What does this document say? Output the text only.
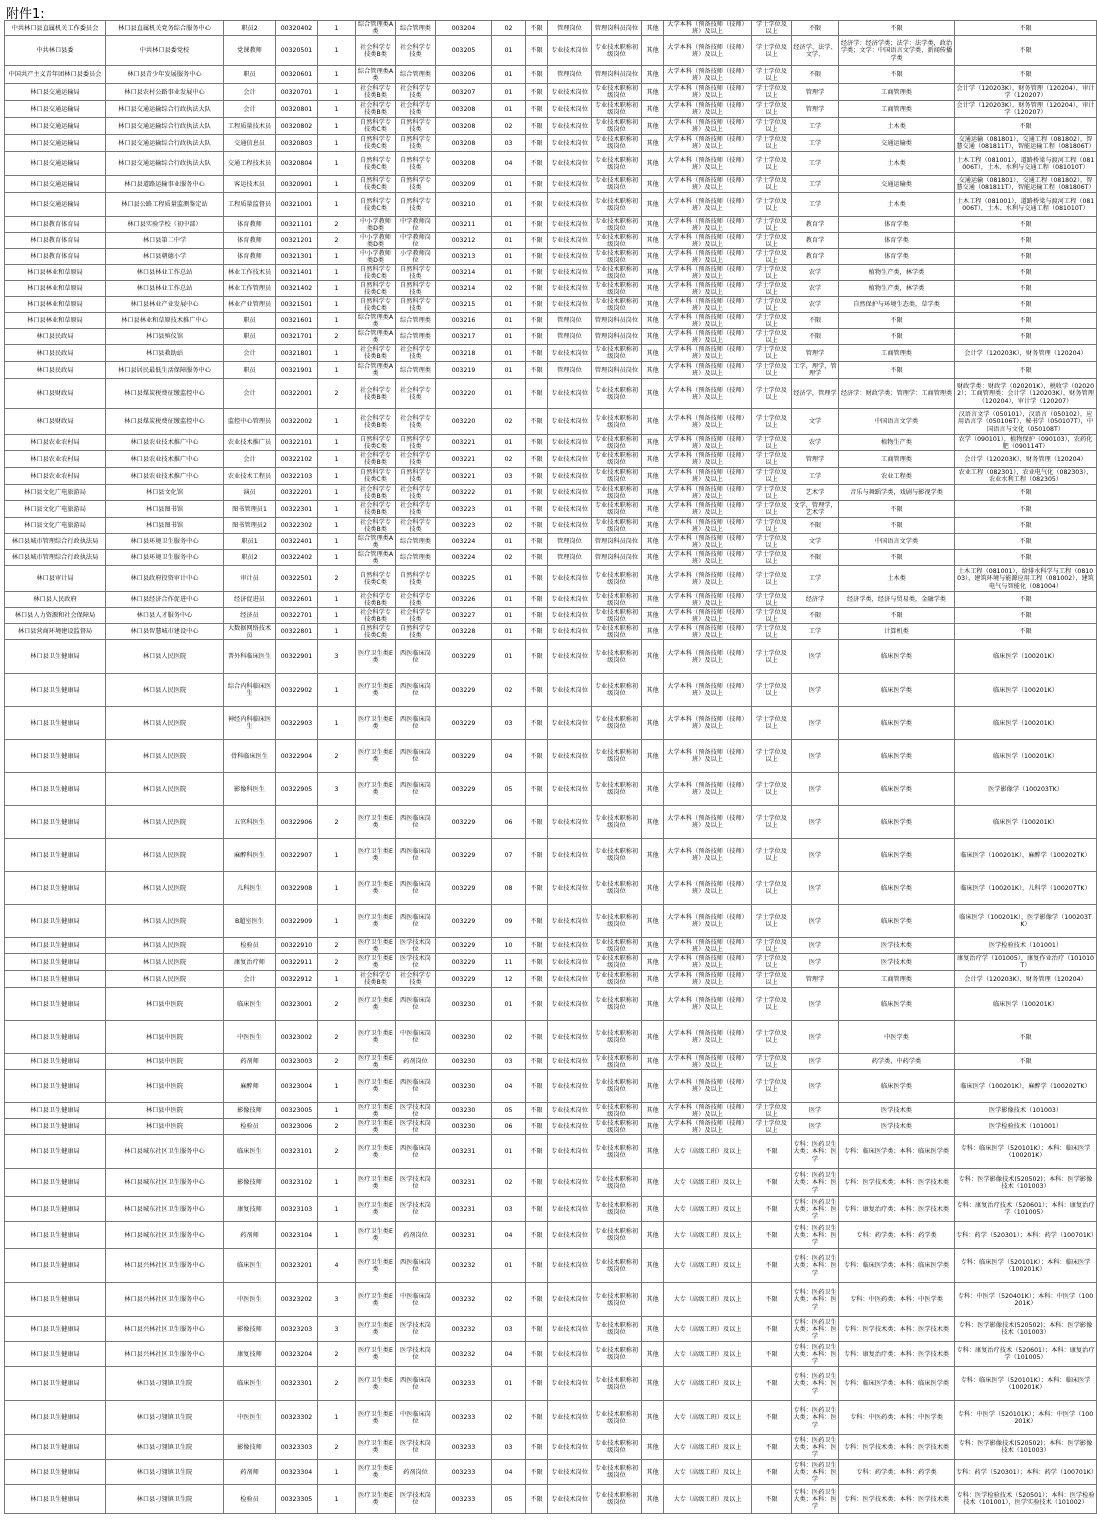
附件1:
中共林口县直属机关工作委员会	林口县直属机关党务综合服务中心	职员2	00320402	1	综合管理类A类	综合管理类	003204	02	不限	管理岗位	管理岗科员岗位	其他	大学本科（预备技师（技师）班）及以上	学士学位及以上	不限	不限	不限
中共林口县委	中共林口县委党校	党课教师	00320501	1	社会科学专技类B类	社会科学专技类	003205	01	不限	专业技术岗位	专业技术职称初级岗位	其他	大学本科（预备技师（技师）班）及以上	学士学位及以上	经济学、法学、文学、	经济学：经济学类；法学：法学类，政治学类；文学：中国语言文学类，新闻传播学类	不限
中国共产主义青年团林口县委员会	林口县青少年发展服务中心	职员	00320601	1	综合管理类A类	综合管理类	003206	01	不限	管理岗位	管理岗科员岗位	其他	大学本科（预备技师（技师）班）及以上	学士学位及以上	不限	不限	不限
林口县交通运输局	林口县农村公路事业发展中心	会计	00320701	1	社会科学专技类B类	社会科学专技类	003207	01	不限	专业技术岗位	专业技术职称初级岗位	其他	大学本科（预备技师（技师）班）及以上	学士学位及以上	管理学	工商管理类	会计学（120203K），财务管理（120204），审计学（120207）
林口县交通运输局	林口县交通运输综合行政执法大队	会计	00320801	1	社会科学专技类B类	社会科学专技类	003208	01	不限	专业技术岗位	专业技术职称初级岗位	其他	大学本科（预备技师（技师）班）及以上	学士学位及以上	管理学	工商管理类	会计学（120203K），财务管理（120204），审计学（120207）
林口县交通运输局	林口县交通运输综合行政执法大队	工程质量技术员	00320802	1	自然科学专技类C类	自然科学专技类	003208	02	不限	专业技术岗位	专业技术职称初级岗位	其他	大学本科（预备技师（技师）班）及以上	学士学位及以上	工学	土木类	不限
林口县交通运输局	林口县交通运输综合行政执法大队	交通信息员	00320803	1	自然科学专技类C类	自然科学专技类	003208	03	不限	专业技术岗位	专业技术职称初级岗位	其他	大学本科（预备技师（技师）班）及以上	学士学位及以上	工学	交通运输类	交通运输（081801），交通工程（081802），智慧交通（081811T），智能运输工程（081806T）
林口县交通运输局	林口县交通运输综合行政执法大队	交通工程技术员	00320804	1	自然科学专技类C类	自然科学专技类	003208	04	不限	专业技术岗位	专业技术职称初级岗位	其他	大学本科（预备技师（技师）班）及以上	学士学位及以上	工学	土木类	土木工程（081001），道路桥梁与渡河工程（081006T），土木、水利与交通工程（081010T）
林口县交通运输局	林口县道路运输事业服务中心	客运技术员	00320901	1	自然科学专技类C类	自然科学专技类	003209	01	不限	专业技术岗位	专业技术职称初级岗位	其他	大学本科（预备技师（技师）班）及以上	学士学位及以上	工学	交通运输类	交通运输（081801），交通工程（081802），智慧交通（081811T），智能运输工程（081806T）
林口县交通运输局	林口县公路工程质量监测鉴定站	工程质量监督员	00321001	1	自然科学专技类C类	自然科学专技类	003210	01	不限	专业技术岗位	专业技术职称初级岗位	其他	大学本科（预备技师（技师）班）及以上	学士学位及以上	工学	土木类	土木工程（081001），道路桥梁与渡河工程（081006T），土木、水利与交通工程（081010T）
林口县教育体育局	林口县实验学校（初中部）	体育教师	00321101	2	中小学教师类D类	中学教师岗位	003211	01	不限	专业技术岗位	专业技术职称初级岗位	其他	大学本科（预备技师（技师）班）及以上	学士学位及以上	教育学	体育学类	不限
林口县教育体育局	林口县第二中学	体育教师	00321201	2	中小学教师类D类	中学教师岗位	003212	01	不限	专业技术岗位	专业技术职称初级岗位	其他	大学本科（预备技师（技师）班）及以上	学士学位及以上	教育学	体育学类	不限
林口县教育体育局	林口县朝德小学	体育教师	00321301	1	中小学教师类D类	小学教师岗位	003213	01	不限	专业技术岗位	专业技术职称初级岗位	其他	大学本科（预备技师（技师）班）及以上	学士学位及以上	教育学	体育学类	不限
林口县林业和草原局	林口县林业工作总站	林业工作技术员	00321401	1	自然科学专技类C类	自然科学专技类	003214	01	不限	专业技术岗位	专业技术职称初级岗位	其他	大学本科（预备技师（技师）班）及以上	学士学位及以上	农学	植物生产类，林学类	不限
林口县林业和草原局	林口县林业工作总站	林业工作管理员	00321402	1	自然科学专技类C类	自然科学专技类	003214	02	不限	专业技术岗位	专业技术职称初级岗位	其他	大学本科（预备技师（技师）班）及以上	学士学位及以上	农学	植物生产类，林学类	不限
林口县林业和草原局	林口县林业产业发展中心	林业产业管理员	00321501	1	自然科学专技类C类	自然科学专技类	003215	01	不限	专业技术岗位	专业技术职称初级岗位	其他	大学本科（预备技师（技师）班）及以上	学士学位及以上	农学	自然保护与环境生态类，草学类	不限
林口县林业和草原局	林口县林业和草原技术推广中心	职员	00321601	1	综合管理类A类	综合管理类	003216	01	不限	管理岗位	管理岗科员岗位	其他	大学本科（预备技师（技师）班）及以上	学士学位及以上	不限	不限	不限
林口县民政局	林口县殡仪馆	职员	00321701	2	综合管理类A类	综合管理类	003217	01	不限	管理岗位	管理岗科员岗位	其他	大学本科（预备技师（技师）班）及以上	学士学位及以上	不限	不限	不限
林口县民政局	林口县救助站	会计	00321801	1	社会科学专技类B类	社会科学专技类	003218	01	不限	专业技术岗位	专业技术职称初级岗位	其他	大学本科（预备技师（技师）班）及以上	学士学位及以上	管理学	工商管理类	会计学（120203K），财务管理（120204）
林口县民政局	林口县居民最低生活保障服务中心	职员	00321901	1	综合管理类A类	综合管理类	003219	01	不限	管理岗位	管理岗科员岗位	其他	大学本科（预备技师（技师）班）及以上	学士学位及以上	工学，理学，管理学	不限	不限
林口县财政局	林口县煤炭税费征缴监控中心	会计	00322001	2	社会科学专技类B类	社会科学专技类	003220	01	不限	专业技术岗位	专业技术职称初级岗位	其他	大学本科（预备技师（技师）班）及以上	学士学位及以上	经济学，管理学	经济学：财政学类；管理学：工商管理类	财政学类：财政学（020201K），税收学（020202）；工商管理类：会计学（120203K），财务管理（120204），审计学（120207）
林口县财政局	林口县煤炭税费征缴监控中心	监控中心管理员	00322002	1	社会科学专技类B类	社会科学专技类	003220	02	不限	专业技术岗位	专业技术职称初级岗位	其他	大学本科（预备技师（技师）班）及以上	学士学位及以上	文学	中国语言文学类	汉语言文学（050101），汉语言（050102），应用语言学（050106T），秘书学（050107T），中国语言与文化（050108T）
林口县农业农村局	林口县农业技术推广中心	农业技术推广员	00322101	1	自然科学专技类C类	自然科学专技类	003221	01	不限	专业技术岗位	专业技术职称初级岗位	其他	大学本科（预备技师（技师）班）及以上	学士学位及以上	农学	植物生产类	农学（090101），植物保护（090103），农药化肥（090114T）
林口县农业农村局	林口县农业技术推广中心	会计	00322102	1	社会科学专技类B类	社会科学专技类	003221	02	不限	专业技术岗位	专业技术职称初级岗位	其他	大学本科（预备技师（技师）班）及以上	学士学位及以上	管理学	工商管理类	会计学（120203K），财务管理（120204）
林口县农业农村局	林口县农业技术推广中心	农业技术工程员	00322103	1	自然科学专技类C类	自然科学专技类	003221	03	不限	专业技术岗位	专业技术职称初级岗位	其他	大学本科（预备技师（技师）班）及以上	学士学位及以上	工学	农业工程类	农业工程（082301），农业电气化（082303），农业水利工程（082305）
林口县文化广电旅游局	林口县文化馆	演员	00322201	1	社会科学专技类B类	社会科学专技类	003222	01	不限	专业技术岗位	专业技术职称初级岗位	其他	大学本科（预备技师（技师）班）及以上	学士学位及以上	艺术学	音乐与舞蹈学类，戏剧与影视学类	不限
林口县文化广电旅游局	林口县图书馆	图书管理员1	00322301	1	社会科学专技类B类	社会科学专技类	003223	01	不限	专业技术岗位	专业技术职称初级岗位	其他	大学本科（预备技师（技师）班）及以上	学士学位及以上	文学，管理学，艺术学	不限	不限
林口县文化广电旅游局	林口县图书馆	图书管理员2	00322302	1	社会科学专技类B类	社会科学专技类	003223	02	不限	专业技术岗位	专业技术职称初级岗位	其他	大学本科（预备技师（技师）班）及以上	学士学位及以上	不限	不限	不限
林口县城市管理综合行政执法局	林口县环境卫生服务中心	职员1	00322401	1	综合管理类A类	综合管理类	003224	01	不限	管理岗位	管理岗科员岗位	其他	大学本科（预备技师（技师）班）及以上	学士学位及以上	文学	中国语言文学类	不限
林口县城市管理综合行政执法局	林口县环境卫生服务中心	职员2	00322402	1	综合管理类A类	综合管理类	003224	02	不限	管理岗位	管理岗科员岗位	其他	大学本科（预备技师（技师）班）及以上	学士学位及以上	不限	不限	不限
林口县审计局	林口县政府投资审计中心	审计员	00322501	2	自然科学专技类C类	自然科学专技类	003225	01	不限	专业技术岗位	专业技术职称初级岗位	其他	大学本科（预备技师（技师）班）及以上	学士学位及以上	工学	土木类	土木工程（081001），给排水科学与工程（081003），建筑环境与能源应用工程（081002），建筑电气与智能化（081004）
林口县人民政府	林口县经济合作促进中心	经济促进员	00322601	1	社会科学专技类B类	社会科学专技类	003226	01	不限	专业技术岗位	专业技术职称初级岗位	其他	大学本科（预备技师（技师）班）及以上	学士学位及以上	经济学	经济学类，经济与贸易类，金融学类	不限
林口县人力资源和社会保障局	林口县人才服务中心	经济员	00322701	1	社会科学专技类B类	社会科学专技类	003227	01	不限	专业技术岗位	专业技术职称初级岗位	其他	大学本科（预备技师（技师）班）及以上	学士学位及以上	不限	不限	不限
林口县营商环境建设监督局	林口县智慧城市建设中心	大数据网络技术员	00322801	1	自然科学专技类C类	自然科学专技类	003228	01	不限	专业技术岗位	专业技术职称初级岗位	其他	大学本科（预备技师（技师）班）及以上	学士学位及以上	工学	计算机类	不限
林口县卫生健康局	林口县人民医院	普外科临床医生	00322901	3	医疗卫生类E类	西医临床岗位	003229	01	不限	专业技术岗位	专业技术职称初级岗位	其他	大学本科（预备技师（技师）班）及以上	学士学位及以上	医学	临床医学类	临床医学（100201K）
林口县卫生健康局	林口县人民医院	综合内科临床医生	00322902	1	医疗卫生类E类	西医临床岗位	003229	02	不限	专业技术岗位	专业技术职称初级岗位	其他	大学本科（预备技师（技师）班）及以上	学士学位及以上	医学	临床医学类	临床医学（100201K）
林口县卫生健康局	林口县人民医院	神经内科临床医生	00322903	1	医疗卫生类E类	西医临床岗位	003229	03	不限	专业技术岗位	专业技术职称初级岗位	其他	大学本科（预备技师（技师）班）及以上	学士学位及以上	医学	临床医学类	临床医学（100201K）
林口县卫生健康局	林口县人民医院	骨科临床医生	00322904	2	医疗卫生类E类	西医临床岗位	003229	04	不限	专业技术岗位	专业技术职称初级岗位	其他	大学本科（预备技师（技师）班）及以上	学士学位及以上	医学	临床医学类	临床医学（100201K）
林口县卫生健康局	林口县人民医院	影像科医生	00322905	3	医疗卫生类E类	西医临床岗位	003229	05	不限	专业技术岗位	专业技术职称初级岗位	其他	大学本科（预备技师（技师）班）及以上	学士学位及以上	医学	临床医学类	医学影像学（100203TK）
林口县卫生健康局	林口县人民医院	五官科医生	00322906	2	医疗卫生类E类	西医临床岗位	003229	06	不限	专业技术岗位	专业技术职称初级岗位	其他	大学本科（预备技师（技师）班）及以上	学士学位及以上	医学	临床医学类	临床医学（100201K）
林口县卫生健康局	林口县人民医院	麻醉科医生	00322907	1	医疗卫生类E类	西医临床岗位	003229	07	不限	专业技术岗位	专业技术职称初级岗位	其他	大学本科（预备技师（技师）班）及以上	学士学位及以上	医学	临床医学类	临床医学（100201K），麻醉学（100202TK）
林口县卫生健康局	林口县人民医院	儿科医生	00322908	1	医疗卫生类E类	西医临床岗位	003229	08	不限	专业技术岗位	专业技术职称初级岗位	其他	大学本科（预备技师（技师）班）及以上	学士学位及以上	医学	临床医学类	临床医学（100201K），儿科学（100207TK）
林口县卫生健康局	林口县人民医院	B超室医生	00322909	1	医疗卫生类E类	西医临床岗位	003229	09	不限	专业技术岗位	专业技术职称初级岗位	其他	大学本科（预备技师（技师）班）及以上	学士学位及以上	医学	临床医学类	临床医学（100201K），医学影像学（100203TK）
林口县卫生健康局	林口县人民医院	检验员	00322910	2	医疗卫生类E类	医学技术岗位	003229	10	不限	专业技术岗位	专业技术职称初级岗位	其他	大学本科（预备技师（技师）班）及以上	学士学位及以上	医学	医学技术类	医学检验技术（101001）
林口县卫生健康局	林口县人民医院	康复治疗师	00322911	2	医疗卫生类E类	医学技术岗位	003229	11	不限	专业技术岗位	专业技术职称初级岗位	其他	大学本科（预备技师（技师）班）及以上	学士学位及以上	医学	医学技术类	康复治疗学（101005），康复作业治疗（101010T）
林口县卫生健康局	林口县人民医院	会计	00322912	1	社会科学专技类B类	社会科学专技类	003229	12	不限	专业技术岗位	专业技术职称初级岗位	其他	大学本科（预备技师（技师）班）及以上	学士学位及以上	管理学	工商管理类	会计学（120203K），财务管理（120204）
林口县卫生健康局	林口县中医院	临床医生	00323001	2	医疗卫生类E类	西医临床岗位	003230	01	不限	专业技术岗位	专业技术职称初级岗位	其他	大学本科（预备技师（技师）班）及以上	学士学位及以上	医学	临床医学类	临床医学（100201K）
林口县卫生健康局	林口县中医院	中医医生	00323002	2	医疗卫生类E类	中医临床岗位	003230	02	不限	专业技术岗位	专业技术职称初级岗位	其他	大学本科（预备技师（技师）班）及以上	学士学位及以上	医学	中医学类	不限
林口县卫生健康局	林口县中医院	药剂师	00323003	2	医疗卫生类E类	药剂岗位	003230	03	不限	专业技术岗位	专业技术职称初级岗位	其他	大学本科（预备技师（技师）班）及以上	学士学位及以上	医学	药学类，中药学类	不限
林口县卫生健康局	林口县中医院	麻醉师	00323004	1	医疗卫生类E类	西医临床岗位	003230	04	不限	专业技术岗位	专业技术职称初级岗位	其他	大学本科（预备技师（技师）班）及以上	学士学位及以上	医学	临床医学类	临床医学（100201K），麻醉学（100202TK）
林口县卫生健康局	林口县中医院	影像技师	00323005	1	医疗卫生类E类	医学技术岗位	003230	05	不限	专业技术岗位	专业技术职称初级岗位	其他	大学本科（预备技师（技师）班）及以上	学士学位及以上	医学	医学技术类	医学影像技术（101003）
林口县卫生健康局	林口县中医院	检验员	00323006	2	医疗卫生类E类	医学技术岗位	003230	06	不限	专业技术岗位	专业技术职称初级岗位	其他	大学本科（预备技师（技师）班）及以上	学士学位及以上	医学	医学技术类	医学检验技术（101001）
林口县卫生健康局	林口县城东社区卫生服务中心	临床医生	00323101	2	医疗卫生类E类	西医临床岗位	003231	01	不限	专业技术岗位	专业技术职称初级岗位	其他	大专（高级工班）及以上	不限	专科：医药卫生大类；本科：医学	专科：临床医学类；本科：临床医学类	专科：临床医学（520101K）；本科：临床医学（100201K）
林口县卫生健康局	林口县城东社区卫生服务中心	影像技师	00323102	1	医疗卫生类E类	医学技术岗位	003231	02	不限	专业技术岗位	专业技术职称初级岗位	其他	大专（高级工班）及以上	不限	专科：医药卫生大类；本科：医学	专科：医学技术类；本科：医学技术类	专科：医学影像技术(520502)；本科：医学影像技术（101003）
林口县卫生健康局	林口县城东社区卫生服务中心	康复技师	00323103	1	医疗卫生类E类	医学技术岗位	003231	03	不限	专业技术岗位	专业技术职称初级岗位	其他	大专（高级工班）及以上	不限	专科：医药卫生大类；本科：医学	专科：康复治疗类；本科：医学技术类	专科：康复治疗技术（520601）；本科：康复治疗学（101005）
林口县卫生健康局	林口县城东社区卫生服务中心	药剂师	00323104	1	医疗卫生类E类	药剂岗位	003231	04	不限	专业技术岗位	专业技术职称初级岗位	其他	大专（高级工班）及以上	不限	专科：医药卫生大类；本科：医学	专科：药学类；本科：药学类	专科：药学（520301）；本科：药学（100701K）
林口县卫生健康局	林口县兴林社区卫生服务中心	临床医生	00323201	4	医疗卫生类E类	西医临床岗位	003232	01	不限	专业技术岗位	专业技术职称初级岗位	其他	大专（高级工班）及以上	不限	专科：医药卫生大类；本科：医学	专科：临床医学类；本科：临床医学类	专科：临床医学（520101K）；本科：临床医学（100201K）
林口县卫生健康局	林口县兴林社区卫生服务中心	中医医生	00323202	3	医疗卫生类E类	中医临床岗位	003232	02	不限	专业技术岗位	专业技术职称初级岗位	其他	大专（高级工班）及以上	不限	专科：医药卫生大类；本科：医学	专科：中医药类；本科：中医学类	专科：中医学（520401K）；本科：中医学（100201K）
林口县卫生健康局	林口县兴林社区卫生服务中心	影像技师	00323203	3	医疗卫生类E类	医学技术岗位	003232	03	不限	专业技术岗位	专业技术职称初级岗位	其他	大专（高级工班）及以上	不限	专科：医药卫生大类；本科：医学	专科：医学技术类；本科：医学技术类	专科：医学影像技术(520502)；本科：医学影像技术（101003）
林口县卫生健康局	林口县兴林社区卫生服务中心	康复技师	00323204	2	医疗卫生类E类	医学技术岗位	003232	04	不限	专业技术岗位	专业技术职称初级岗位	其他	大专（高级工班）及以上	不限	专科：医药卫生大类；本科：医学	专科：康复治疗类；本科：医学技术类	专科：康复治疗技术（520601）；本科：康复治疗学（101005）
林口县卫生健康局	林口县刁翎镇卫生院	临床医生	00323301	2	医疗卫生类E类	西医临床岗位	003233	01	不限	专业技术岗位	专业技术职称初级岗位	其他	大专（高级工班）及以上	不限	专科：医药卫生大类；本科：医学	专科：临床医学类；本科：临床医学类	专科：临床医学（520101K）；本科：临床医学（100201K）
林口县卫生健康局	林口县刁翎镇卫生院	中医医生	00323302	1	医疗卫生类E类	中医临床岗位	003233	02	不限	专业技术岗位	专业技术职称初级岗位	其他	大专（高级工班）及以上	不限	专科：医药卫生大类；本科：医学	专科：中医药类；本科：中医学类	专科：中医学（520101K）；本科：中医学（100201K）
林口县卫生健康局	林口县刁翎镇卫生院	影像技师	00323303	2	医疗卫生类E类	医学技术岗位	003233	03	不限	专业技术岗位	专业技术职称初级岗位	其他	大专（高级工班）及以上	不限	专科：医药卫生大类；本科：医学	专科：医学技术类；本科：医学技术类	专科：医学影像技术(520502)；本科：医学影像技术（101003）
林口县卫生健康局	林口县刁翎镇卫生院	药剂师	00323304	1	医疗卫生类E类	药剂岗位	003233	04	不限	专业技术岗位	专业技术职称初级岗位	其他	大专（高级工班）及以上	不限	专科：医药卫生大类；本科：医学	专科：药学类；本科：药学类	专科：药学（520301）；本科：药学（100701K）
林口县卫生健康局	林口县刁翎镇卫生院	检验员	00323305	1	医疗卫生类E类	医学技术岗位	003233	05	不限	专业技术岗位	专业技术职称初级岗位	其他	大专（高级工班）及以上	不限	专科：医药卫生大类；本科：医学	专科：医学技术类；本科：医学技术类	专科：医学检验技术（520501）；本科：医学检验技术（101001），医学实验技术（101002）
